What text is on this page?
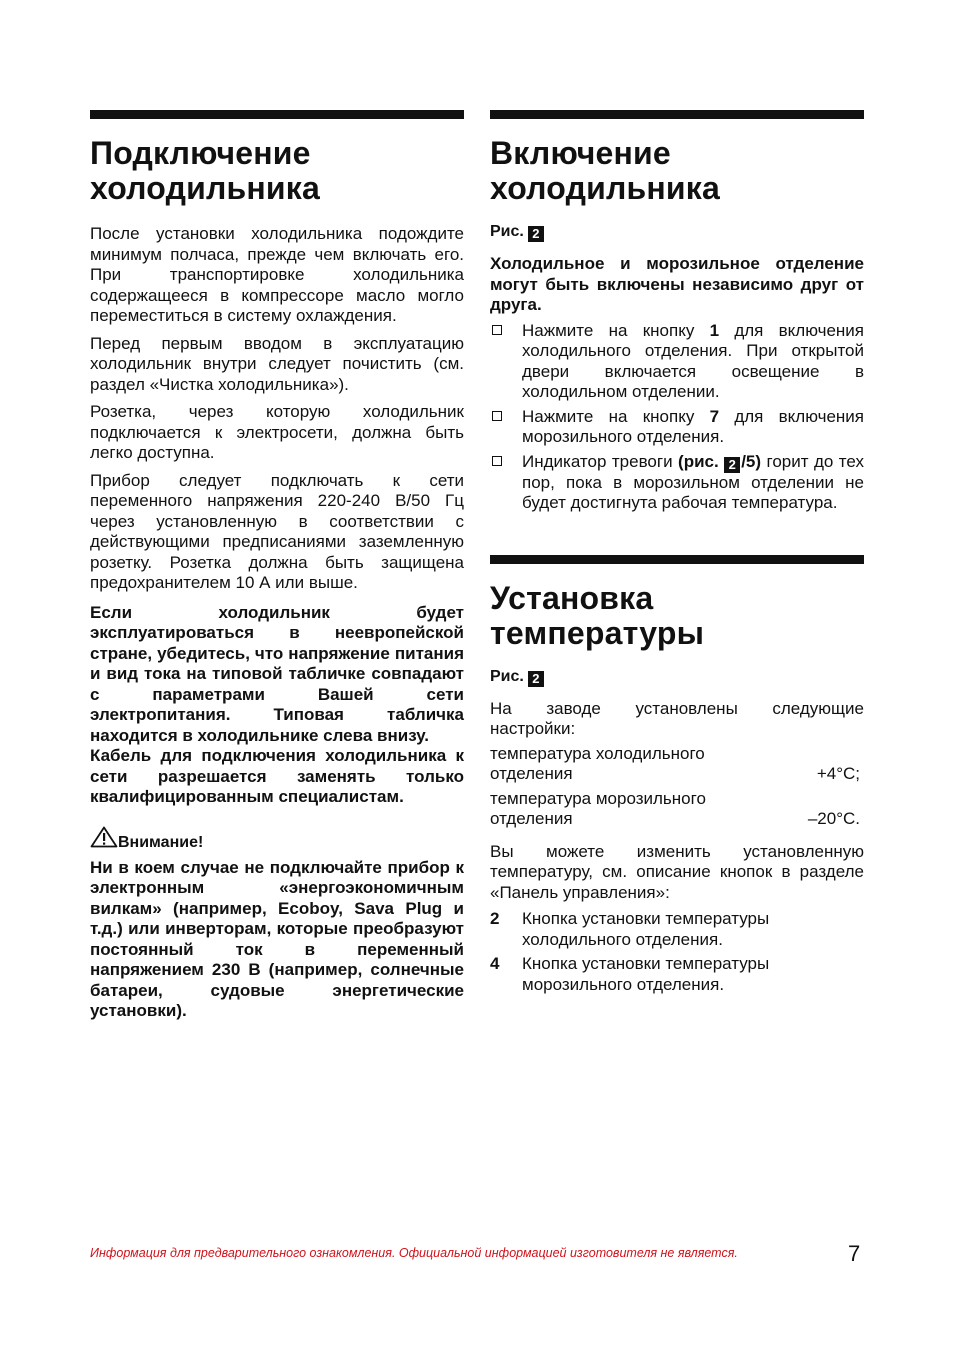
Подключение
холодильника

После установки холодильника подождите минимум полчаса, прежде чем включать его. При транспортировке холодильника содержащееся в компрессоре масло могло переместиться в систему охлаждения.

Перед первым вводом в эксплуатацию холодильник внутри следует почистить (см. раздел «Чистка холодильника»).

Розетка, через которую холодильник подключается к электросети, должна быть легко доступна.

Прибор следует подключать к сети переменного напряжения 220-240 В/50 Гц через установленную в соответствии с действующими предписаниями заземленную розетку. Розетка должна быть защищена предохранителем 10 А или выше.

Если холодильник будет эксплуатироваться в неевропейской стране, убедитесь, что напряжение питания и вид тока на типовой табличке совпадают с параметрами Вашей сети электропитания. Типовая табличка находится в холодильнике слева внизу.

Кабель для подключения холодильника к сети разрешается заменять только квалифицированным специалистам.

Внимание!

Ни в коем случае не подключайте прибор к электронным «энергоэкономичным вилкам» (например, Ecoboy, Sava Plug и т.д.) или инверторам, которые преобразуют постоянный ток в переменный напряжением 230 В (например, солнечные батареи, судовые энергетические установки).

Включение
холодильника
Рис. 2

Холодильное и морозильное отделение могут быть включены независимо друг от друга.

Нажмите на кнопку 1 для включения холодильного отделения. При открытой двери включается освещение в холодильном отделении.
Нажмите на кнопку 7 для включения морозильного отделения.
Индикатор тревоги (рис. 2 /5) горит до тех пор, пока в морозильном отделении не будет достигнута рабочая температура.
Установка
температуры
Рис. 2

На заводе установлены следующие настройки:

температура холодильного
отделения	+4°C;
температура морозильного
отделения	–20°C.

Вы можете изменить установленную температуру, см. описание кнопок в разделе «Панель управления»:

2 Кнопка установки температуры холодильного отделения.
4 Кнопка установки температуры морозильного отделения.
Информация для предварительного ознакомления. Официальной информацией изготовителя не является.	7
